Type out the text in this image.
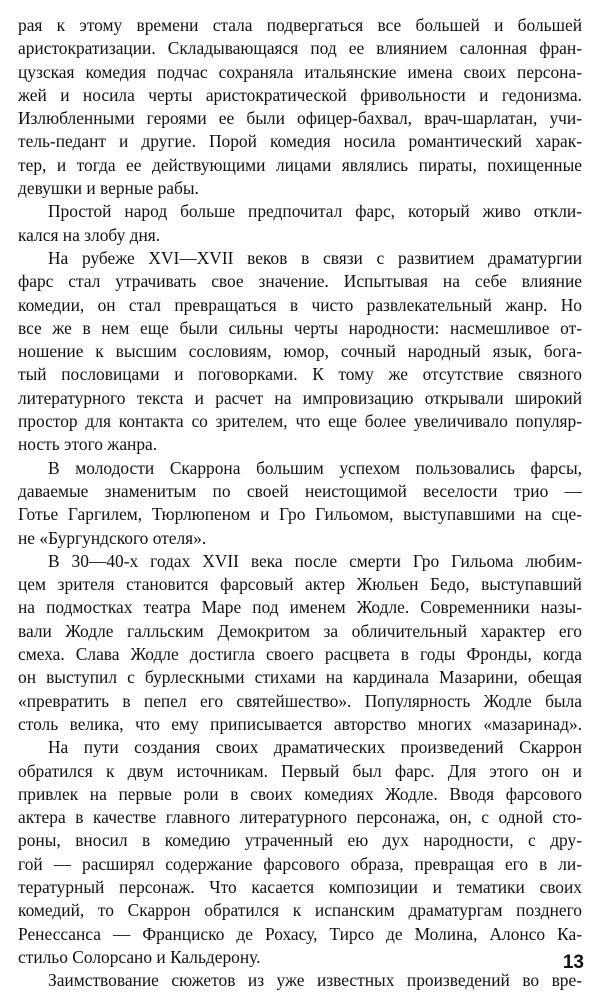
рая к этому времени стала подвергаться все большей и большей
аристократизации. Складывающаяся под ее влиянием салонная фран-
цузская комедия подчас сохраняла итальянские имена своих персона-
жей и носила черты аристократической фривольности и гедонизма.
Излюбленными героями ее были офицер-бахвал, врач-шарлатан, учи-
тель-педант и другие. Порой комедия носила романтический харак-
тер, и тогда ее действующими лицами являлись пираты, похищенные
девушки и верные рабы.
Простой народ больше предпочитал фарс, который живо откли-
кался на злобу дня.
На рубеже XVI—XVII веков в связи с развитием драматургии
фарс стал утрачивать свое значение. Испытывая на себе влияние
комедии, он стал превращаться в чисто развлекательный жанр. Но
все же в нем еще были сильны черты народности: насмешливое от-
ношение к высшим сословиям, юмор, сочный народный язык, бога-
тый пословицами и поговорками. К тому же отсутствие связного
литературного текста и расчет на импровизацию открывали широкий
простор для контакта со зрителем, что еще более увеличивало популяр-
ность этого жанра.
В молодости Скаррона большим успехом пользовались фарсы,
даваемые знаменитым по своей неистощимой веселости трио —
Готье Гаргилем, Тюрлюпеном и Гро Гильомом, выступавшими на сце-
не «Бургундского отеля».
В 30—40-х годах XVII века после смерти Гро Гильома любим-
цем зрителя становится фарсовый актер Жюльен Бедо, выступавший
на подмостках театра Маре под именем Жодле. Современники назы-
вали Жодле галльским Демокритом за обличительный характер его
смеха. Слава Жодле достигла своего расцвета в годы Фронды, когда
он выступил с бурлескными стихами на кардинала Мазарини, обещая
«превратить в пепел его святейшество». Популярность Жодле была
столь велика, что ему приписывается авторство многих «мазаринад».
На пути создания своих драматических произведений Скаррон
обратился к двум источникам. Первый был фарс. Для этого он и
привлек на первые роли в своих комедиях Жодле. Вводя фарсового
актера в качестве главного литературного персонажа, он, с одной сто-
роны, вносил в комедию утраченный ею дух народности, с дру-
гой — расширял содержание фарсового образа, превращая его в ли-
тературный персонаж. Что касается композиции и тематики своих
комедий, то Скаррон обратился к испанским драматургам позднего
Ренессанса — Франциско де Рохасу, Тирсо де Молина, Алонсо Ка-
стильо Солорсано и Кальдерону.
Заимствование сюжетов из уже известных произведений во вре-
13
